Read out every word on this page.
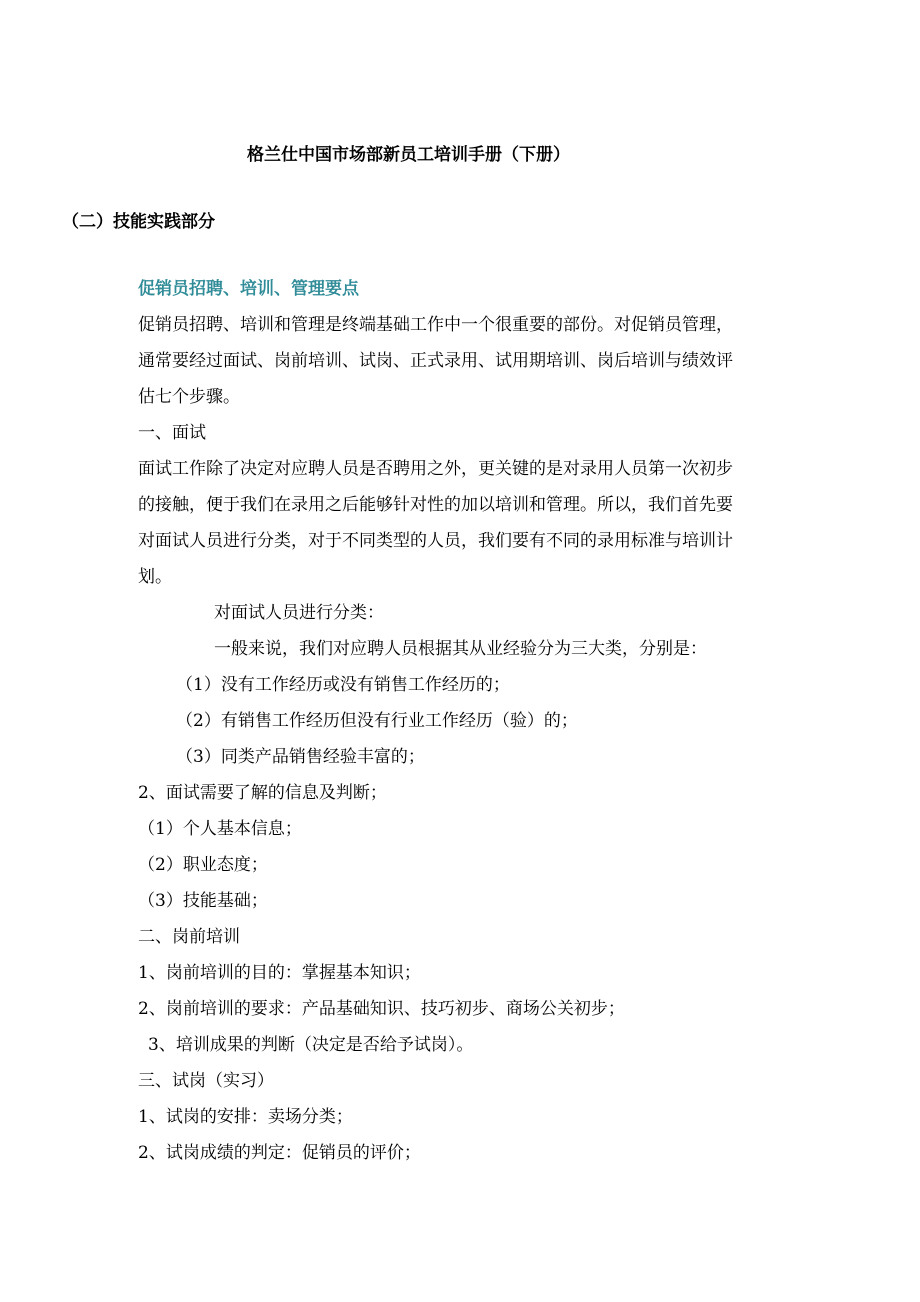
格兰仕中国市场部新员工培训手册（下册）
（二）技能实践部分
促销员招聘、培训、管理要点
促销员招聘、培训和管理是终端基础工作中一个很重要的部份。对促销员管理，
通常要经过面试、岗前培训、试岗、正式录用、试用期培训、岗后培训与绩效评
估七个步骤。
一、面试
面试工作除了决定对应聘人员是否聘用之外，更关键的是对录用人员第一次初步
的接触，便于我们在录用之后能够针对性的加以培训和管理。所以，我们首先要
对面试人员进行分类，对于不同类型的人员，我们要有不同的录用标准与培训计
划。
对面试人员进行分类：
一般来说，我们对应聘人员根据其从业经验分为三大类，分别是：
（1）没有工作经历或没有销售工作经历的；
（2）有销售工作经历但没有行业工作经历（验）的；
（3）同类产品销售经验丰富的；
2、面试需要了解的信息及判断；
（1）个人基本信息；
（2）职业态度；
（3）技能基础；
二、岗前培训
1、岗前培训的目的：掌握基本知识；
2、岗前培训的要求：产品基础知识、技巧初步、商场公关初步；
3、培训成果的判断（决定是否给予试岗）。
三、试岗（实习）
1、试岗的安排：卖场分类；
2、试岗成绩的判定：促销员的评价；
